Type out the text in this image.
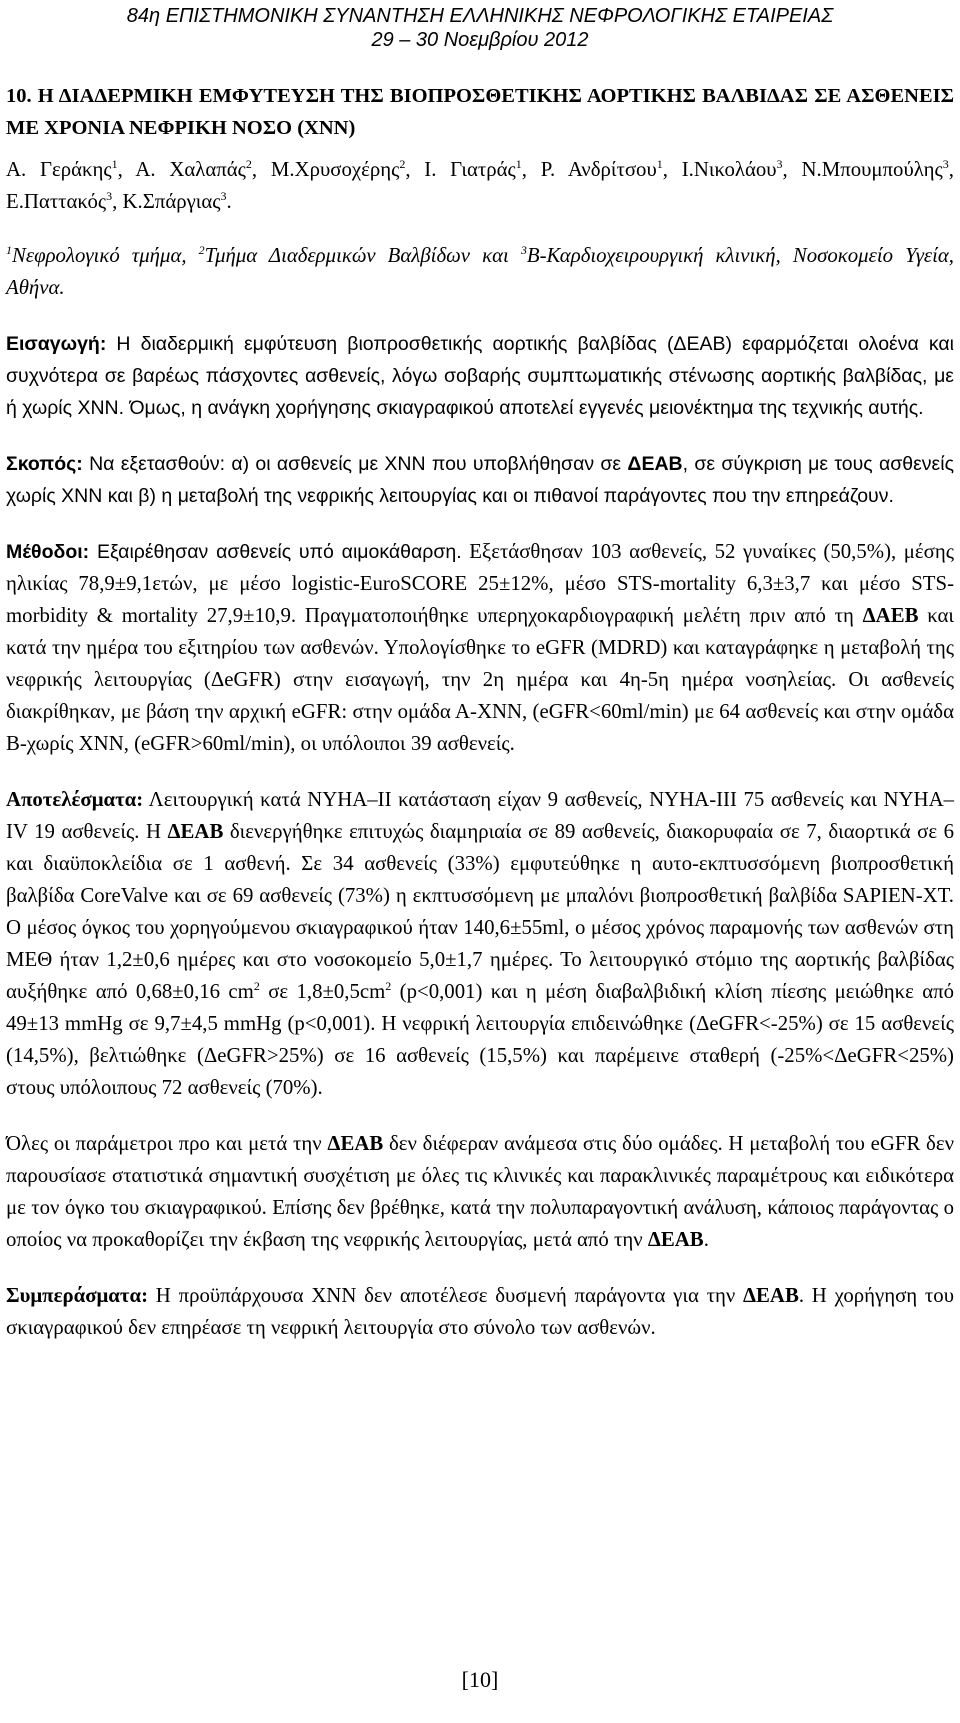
84η ΕΠΙΣΤΗΜΟΝΙΚΗ ΣΥΝΑΝΤΗΣΗ ΕΛΛΗΝΙΚΗΣ ΝΕΦΡΟΛΟΓΙΚΗΣ ΕΤΑΙΡΕΙΑΣ
29 – 30 Νοεμβρίου 2012

10. Η ΔΙΑΔΕΡΜΙΚΗ ΕΜΦΥΤΕΥΣΗ ΤΗΣ ΒΙΟΠΡΟΣΘΕΤΙΚΗΣ ΑΟΡΤΙΚΗΣ ΒΑΛΒΙΔΑΣ ΣΕ ΑΣΘΕΝΕΙΣ ΜΕ ΧΡΟΝΙΑ ΝΕΦΡΙΚΗ ΝΟΣΟ (ΧΝΝ)

Α. Γεράκης$^1$, Α. Χαλαπάς$^2$, Μ.Χρυσοχέρης$^2$, Ι. Γιατράς$^1$, Ρ. Ανδρίτσου$^1$, Ι.Νικολάου$^3$, Ν.Μπουμπούλης$^3$, Ε.Παττακός$^3$, Κ.Σπάργιας$^3$.

$^1$Νεφρολογικό τμήμα, $^2$Τμήμα Διαδερμικών Βαλβίδων και $^3$Β-Καρδιοχειρουργική κλινική, Νοσοκομείο Υγεία, Αθήνα.

Εισαγωγή: Η διαδερμική εμφύτευση βιοπροσθετικής αορτικής βαλβίδας (ΔΕΑΒ) εφαρμόζεται ολοένα και συχνότερα σε βαρέως πάσχοντες ασθενείς, λόγω σοβαρής συμπτωματικής στένωσης αορτικής βαλβίδας, με ή χωρίς ΧΝΝ. Όμως, η ανάγκη χορήγησης σκιαγραφικού αποτελεί εγγενές μειονέκτημα της τεχνικής αυτής.

Σκοπός: Να εξετασθούν: α) οι ασθενείς με ΧΝΝ που υποβλήθησαν σε ΔΕΑΒ, σε σύγκριση με τους ασθενείς χωρίς ΧΝΝ και β) η μεταβολή της νεφρικής λειτουργίας και οι πιθανοί παράγοντες που την επηρεάζουν.

Μέθοδοι: Εξαιρέθησαν ασθενείς υπό αιμοκάθαρση. Εξετάσθησαν 103 ασθενείς, 52 γυναίκες (50,5%), μέσης ηλικίας 78,9±9,1ετών, με μέσο logistic-EuroSCORE 25±12%, μέσο STS-mortality 6,3±3,7 και μέσο STS-morbidity & mortality 27,9±10,9. Πραγματοποιήθηκε υπερηχοκαρδιογραφική μελέτη πριν από τη ΔΑΕΒ και κατά την ημέρα του εξιτηρίου των ασθενών. Υπολογίσθηκε το eGFR (MDRD) και καταγράφηκε η μεταβολή της νεφρικής λειτουργίας (ΔeGFR) στην εισαγωγή, την 2η ημέρα και 4η-5η ημέρα νοσηλείας. Οι ασθενείς διακρίθηκαν, με βάση την αρχική eGFR: στην ομάδα Α-ΧΝΝ, (eGFR<60ml/min) με 64 ασθενείς και στην ομάδα Β-χωρίς ΧΝΝ, (eGFR>60ml/min), οι υπόλοιποι 39 ασθενείς.

Αποτελέσματα: Λειτουργική κατά NYHA–II κατάσταση είχαν 9 ασθενείς, NYHA-III 75 ασθενείς και NYHA–IV 19 ασθενείς. Η ΔΕΑΒ διενεργήθηκε επιτυχώς διαμηριαία σε 89 ασθενείς, διακορυφαία σε 7, διαορτικά σε 6 και διαϋποκλείδια σε 1 ασθενή. Σε 34 ασθενείς (33%) εμφυτεύθηκε η αυτο-εκπτυσσόμενη βιοπροσθετική βαλβίδα CoreValve και σε 69 ασθενείς (73%) η εκπτυσσόμενη με μπαλόνι βιοπροσθετική βαλβίδα SAPIEN-XT. Ο μέσος όγκος του χορηγούμενου σκιαγραφικού ήταν 140,6±55ml, ο μέσος χρόνος παραμονής των ασθενών στη ΜΕΘ ήταν 1,2±0,6 ημέρες και στο νοσοκομείο 5,0±1,7 ημέρες. Το λειτουργικό στόμιο της αορτικής βαλβίδας αυξήθηκε από 0,68±0,16 $cm^2$ σε $1,8\pm 0,5cm^2$ (p<0,001) και η μέση διαβαλβιδική κλίση πίεσης μειώθηκε από 49±13 mmHg σε 9,7±4,5 mmHg (p<0,001). Η νεφρική λειτουργία επιδεινώθηκε (ΔeGFR<-25%) σε 15 ασθενείς (14,5%), βελτιώθηκε (ΔeGFR>25%) σε 16 ασθενείς (15,5%) και παρέμεινε σταθερή (-25%<ΔeGFR<25%) στους υπόλοιπους 72 ασθενείς (70%).

Όλες οι παράμετροι προ και μετά την ΔΕΑΒ δεν διέφεραν ανάμεσα στις δύο ομάδες. Η μεταβολή του eGFR δεν παρουσίασε στατιστικά σημαντική συσχέτιση με όλες τις κλινικές και παρακλινικές παραμέτρους και ειδικότερα με τον όγκο του σκιαγραφικού. Επίσης δεν βρέθηκε, κατά την πολυπαραγοντική ανάλυση, κάποιος παράγοντας ο οποίος να προκαθορίζει την έκβαση της νεφρικής λειτουργίας, μετά από την ΔΕΑΒ.

Συμπεράσματα: Η προϋπάρχουσα ΧΝΝ δεν αποτέλεσε δυσμενή παράγοντα για την ΔΕΑΒ. Η χορήγηση του σκιαγραφικού δεν επηρέασε τη νεφρική λειτουργία στο σύνολο των ασθενών.

[10]
